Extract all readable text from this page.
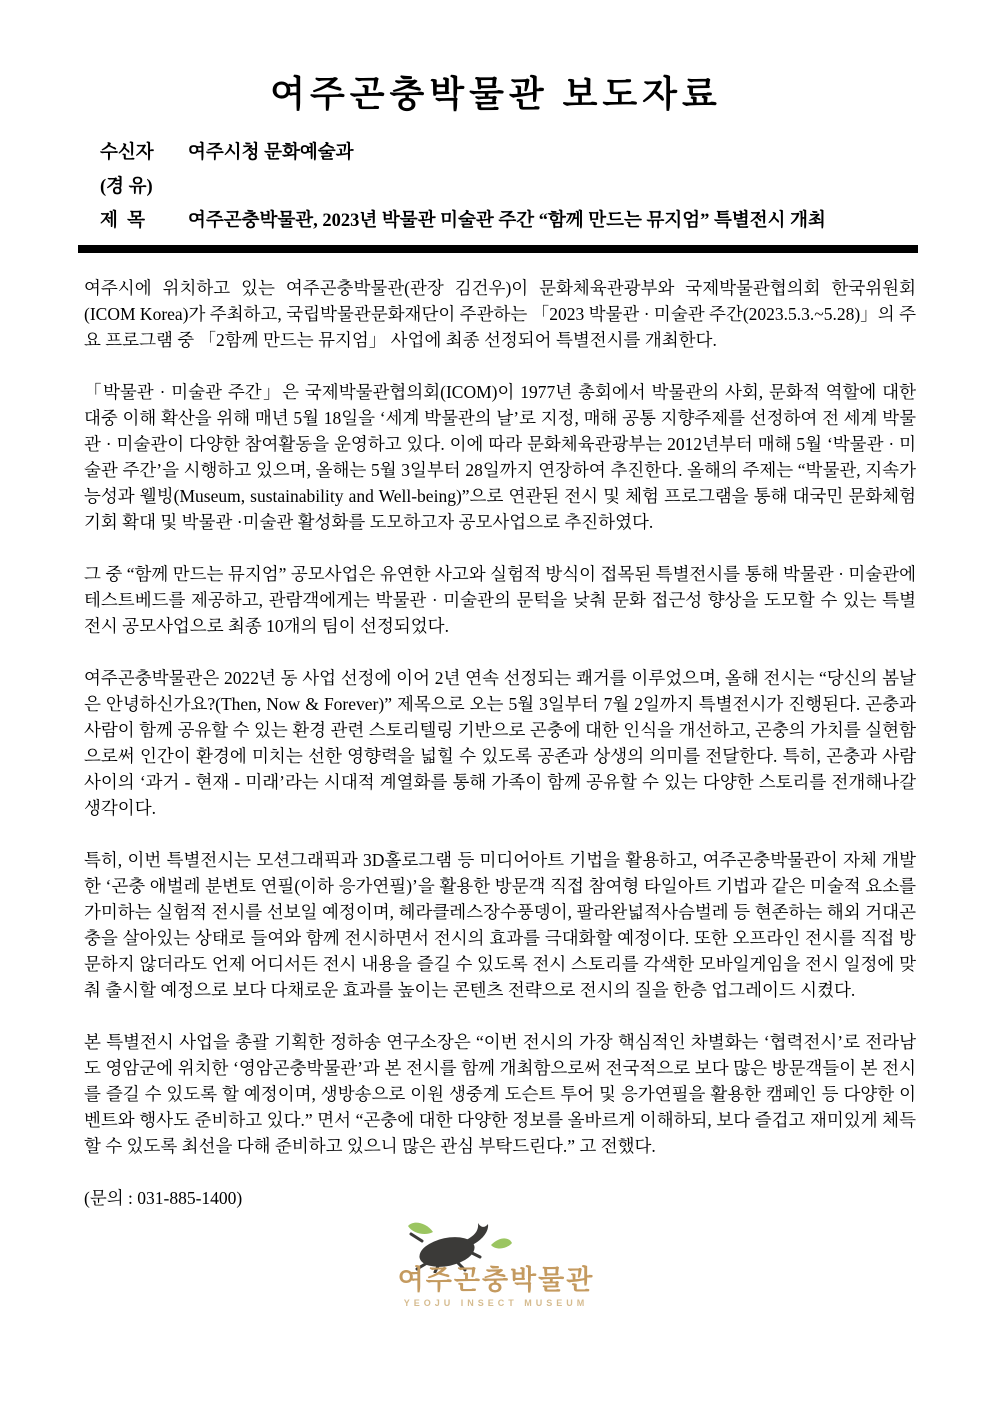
여주곤충박물관 보도자료
수신자	여주시청 문화예술과
(경 유)
제  목	여주곤충박물관, 2023년 박물관 미술관 주간 “함께 만드는 뮤지엄” 특별전시 개최

여주시에 위치하고 있는 여주곤충박물관(관장 김건우)이 문화체육관광부와 국제박물관협의회 한국위원회(ICOM Korea)가 주최하고, 국립박물관문화재단이 주관하는 「2023 박물관 · 미술관 주간(2023.5.3.~5.28)」의 주요 프로그램 중 「2함께 만드는 뮤지엄」 사업에 최종 선정되어 특별전시를 개최한다.

「박물관 · 미술관 주간」은 국제박물관협의회(ICOM)이 1977년 총회에서 박물관의 사회, 문화적 역할에 대한 대중 이해 확산을 위해 매년 5월 18일을 ‘세계 박물관의 날’로 지정, 매해 공통 지향주제를 선정하여 전 세계 박물관 · 미술관이 다양한 참여활동을 운영하고 있다. 이에 따라 문화체육관광부는 2012년부터 매해 5월 ‘박물관 · 미술관 주간’을 시행하고 있으며, 올해는 5월 3일부터 28일까지 연장하여 추진한다. 올해의 주제는 “박물관, 지속가능성과 웰빙(Museum, sustainability and Well-being)”으로 연관된 전시 및 체험 프로그램을 통해 대국민 문화체험 기회 확대 및 박물관 ·미술관 활성화를 도모하고자 공모사업으로 추진하였다.

그 중 “함께 만드는 뮤지엄” 공모사업은 유연한 사고와 실험적 방식이 접목된 특별전시를 통해 박물관 · 미술관에 테스트베드를 제공하고, 관람객에게는 박물관 · 미술관의 문턱을 낮춰 문화 접근성 향상을 도모할 수 있는 특별전시 공모사업으로 최종 10개의 팀이 선정되었다.

여주곤충박물관은 2022년 동 사업 선정에 이어 2년 연속 선정되는 쾌거를 이루었으며, 올해 전시는 “당신의 봄날은 안녕하신가요?(Then, Now & Forever)” 제목으로 오는 5월 3일부터 7월 2일까지 특별전시가 진행된다. 곤충과 사람이 함께 공유할 수 있는 환경 관련 스토리텔링 기반으로 곤충에 대한 인식을 개선하고, 곤충의 가치를 실현함으로써 인간이 환경에 미치는 선한 영향력을 넓힐 수 있도록 공존과 상생의 의미를 전달한다. 특히, 곤충과 사람 사이의 ‘과거 - 현재 - 미래’라는 시대적 계열화를 통해 가족이 함께 공유할 수 있는 다양한 스토리를 전개해나갈 생각이다.

특히, 이번 특별전시는 모션그래픽과 3D홀로그램 등 미디어아트 기법을 활용하고, 여주곤충박물관이 자체 개발한 ‘곤충 애벌레 분변토 연필(이하 응가연필)’을 활용한 방문객 직접 참여형 타일아트 기법과 같은 미술적 요소를 가미하는 실험적 전시를 선보일 예정이며, 헤라클레스장수풍뎅이, 팔라완넓적사슴벌레 등 현존하는 해외 거대곤충을 살아있는 상태로 들여와 함께 전시하면서 전시의 효과를 극대화할 예정이다. 또한 오프라인 전시를 직접 방문하지 않더라도 언제 어디서든 전시 내용을 즐길 수 있도록 전시 스토리를 각색한 모바일게임을 전시 일정에 맞춰 출시할 예정으로 보다 다채로운 효과를 높이는 콘텐츠 전략으로 전시의 질을 한층 업그레이드 시켰다.

본 특별전시 사업을 총괄 기획한 정하송 연구소장은 “이번 전시의 가장 핵심적인 차별화는 ‘협력전시’로 전라남도 영암군에 위치한 ‘영암곤충박물관’과 본 전시를 함께 개최함으로써 전국적으로 보다 많은 방문객들이 본 전시를 즐길 수 있도록 할 예정이며, 생방송으로 이원 생중계 도슨트 투어 및 응가연필을 활용한 캠페인 등 다양한 이벤트와 행사도 준비하고 있다.” 면서 “곤충에 대한 다양한 정보를 올바르게 이해하되, 보다 즐겁고 재미있게 체득할 수 있도록 최선을 다해 준비하고 있으니 많은 관심 부탁드린다.” 고 전했다.

(문의 : 031-885-1400)

여주곤충박물관
YEOJU INSECT MUSEUM
